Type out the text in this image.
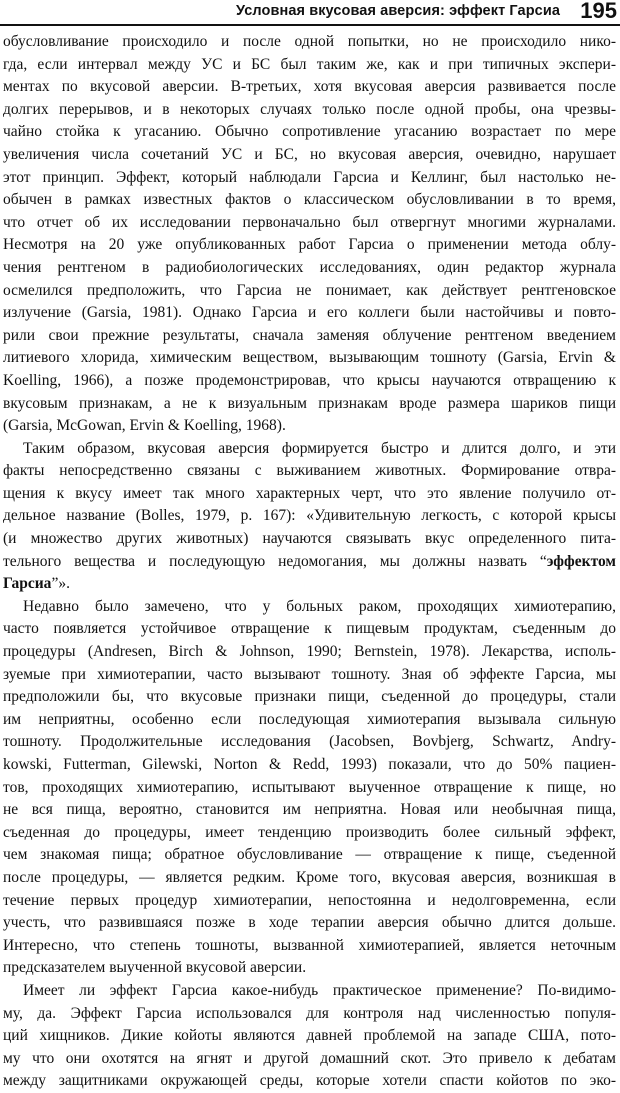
Условная вкусовая аверсия: эффект Гарсиа 195
обусловливание происходило и после одной попытки, но не происходило нико-
гда, если интервал между УС и БС был таким же, как и при типичных экспери-
ментах по вкусовой аверсии. В-третьих, хотя вкусовая аверсия развивается после
долгих перерывов, и в некоторых случаях только после одной пробы, она чрезвы-
чайно стойка к угасанию. Обычно сопротивление угасанию возрастает по мере
увеличения числа сочетаний УС и БС, но вкусовая аверсия, очевидно, нарушает
этот принцип. Эффект, который наблюдали Гарсиа и Келлинг, был настолько не-
обычен в рамках известных фактов о классическом обусловливании в то время,
что отчет об их исследовании первоначально был отвергнут многими журналами.
Несмотря на 20 уже опубликованных работ Гарсиа о применении метода облу-
чения рентгеном в радиобиологических исследованиях, один редактор журнала
осмелился предположить, что Гарсиа не понимает, как действует рентгеновское
излучение (Garsia, 1981). Однако Гарсиа и его коллеги были настойчивы и повто-
рили свои прежние результаты, сначала заменяя облучение рентгеном введением
литиевого хлорида, химическим веществом, вызывающим тошноту (Garsia, Ervin &
Koelling, 1966), а позже продемонстрировав, что крысы научаются отвращению к
вкусовым признакам, а не к визуальным признакам вроде размера шариков пищи
(Garsia, McGowan, Ervin & Koelling, 1968).
Таким образом, вкусовая аверсия формируется быстро и длится долго, и эти
факты непосредственно связаны с выживанием животных. Формирование отвра-
щения к вкусу имеет так много характерных черт, что это явление получило от-
дельное название (Bolles, 1979, p. 167): «Удивительную легкость, с которой крысы
(и множество других животных) научаются связывать вкус определенного пита-
тельного вещества и последующую недомогания, мы должны назвать “эффектом
Гарсиа”».
Недавно было замечено, что у больных раком, проходящих химиотерапию,
часто появляется устойчивое отвращение к пищевым продуктам, съеденным до
процедуры (Andresen, Birch & Johnson, 1990; Bernstein, 1978). Лекарства, исполь-
зуемые при химиотерапии, часто вызывают тошноту. Зная об эффекте Гарсиа, мы
предположили бы, что вкусовые признаки пищи, съеденной до процедуры, стали
им неприятны, особенно если последующая химиотерапия вызывала сильную
тошноту. Продолжительные исследования (Jacobsen, Bovbjerg, Schwartz, Andry-
kowski, Futterman, Gilewski, Norton & Redd, 1993) показали, что до 50% пациен-
тов, проходящих химиотерапию, испытывают выученное отвращение к пище, но
не вся пища, вероятно, становится им неприятна. Новая или необычная пища,
съеденная до процедуры, имеет тенденцию производить более сильный эффект,
чем знакомая пища; обратное обусловливание — отвращение к пище, съеденной
после процедуры, — является редким. Кроме того, вкусовая аверсия, возникшая в
течение первых процедур химиотерапии, непостоянна и недолговременна, если
учесть, что развившаяся позже в ходе терапии аверсия обычно длится дольше.
Интересно, что степень тошноты, вызванной химиотерапией, является неточным
предсказателем выученной вкусовой аверсии.
Имеет ли эффект Гарсиа какое-нибудь практическое применение? По-видимо-
му, да. Эффект Гарсиа использовался для контроля над численностью популя-
ций хищников. Дикие койоты являются давней проблемой на западе США, пото-
му что они охотятся на ягнят и другой домашний скот. Это привело к дебатам
между защитниками окружающей среды, которые хотели спасти койотов по эко-
